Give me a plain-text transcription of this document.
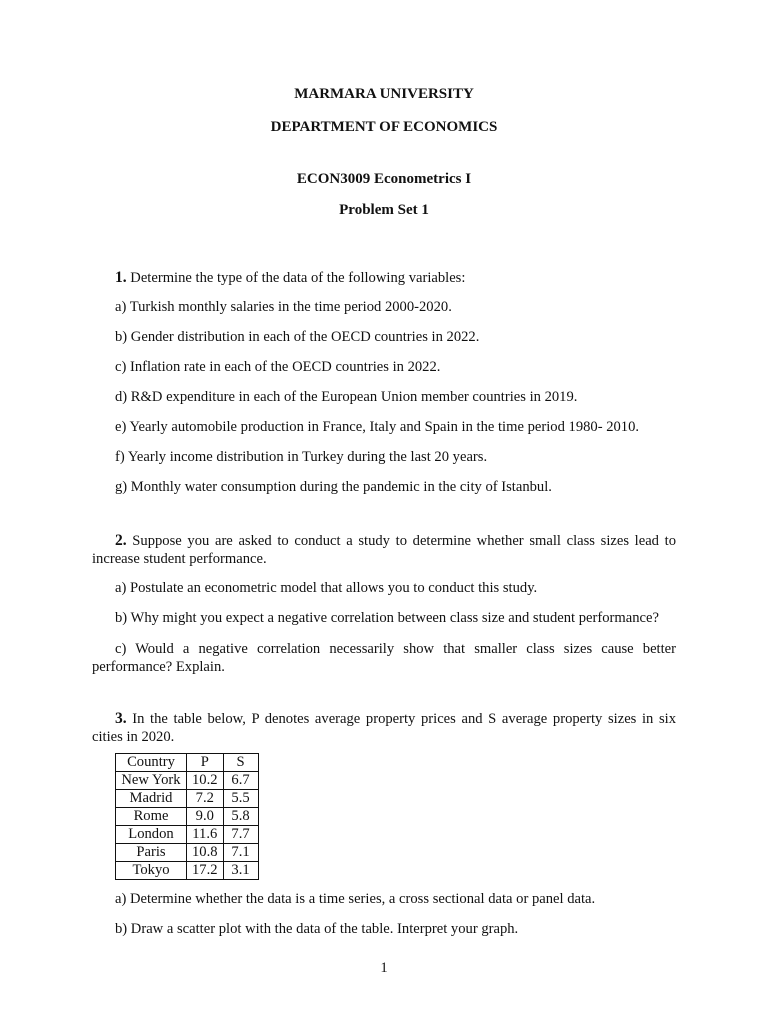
MARMARA UNIVERSITY
DEPARTMENT OF ECONOMICS
ECON3009 Econometrics I
Problem Set 1
1. Determine the type of the data of the following variables:
a) Turkish monthly salaries in the time period 2000-2020.
b) Gender distribution in each of the OECD countries in 2022.
c) Inflation rate in each of the OECD countries in 2022.
d) R&D expenditure in each of the European Union member countries in 2019.
e) Yearly automobile production in France, Italy and Spain in the time period 1980- 2010.
f) Yearly income distribution in Turkey during the last 20 years.
g) Monthly water consumption during the pandemic in the city of Istanbul.
2. Suppose you are asked to conduct a study to determine whether small class sizes lead to increase student performance.
a) Postulate an econometric model that allows you to conduct this study.
b) Why might you expect a negative correlation between class size and student performance?
c) Would a negative correlation necessarily show that smaller class sizes cause better performance? Explain.
3. In the table below, P denotes average property prices and S average property sizes in six cities in 2020.
Country	P	S
New York	10.2	6.7
Madrid	7.2	5.5
Rome	9.0	5.8
London	11.6	7.7
Paris	10.8	7.1
Tokyo	17.2	3.1
a) Determine whether the data is a time series, a cross sectional data or panel data.
b) Draw a scatter plot with the data of the table. Interpret your graph.
1
